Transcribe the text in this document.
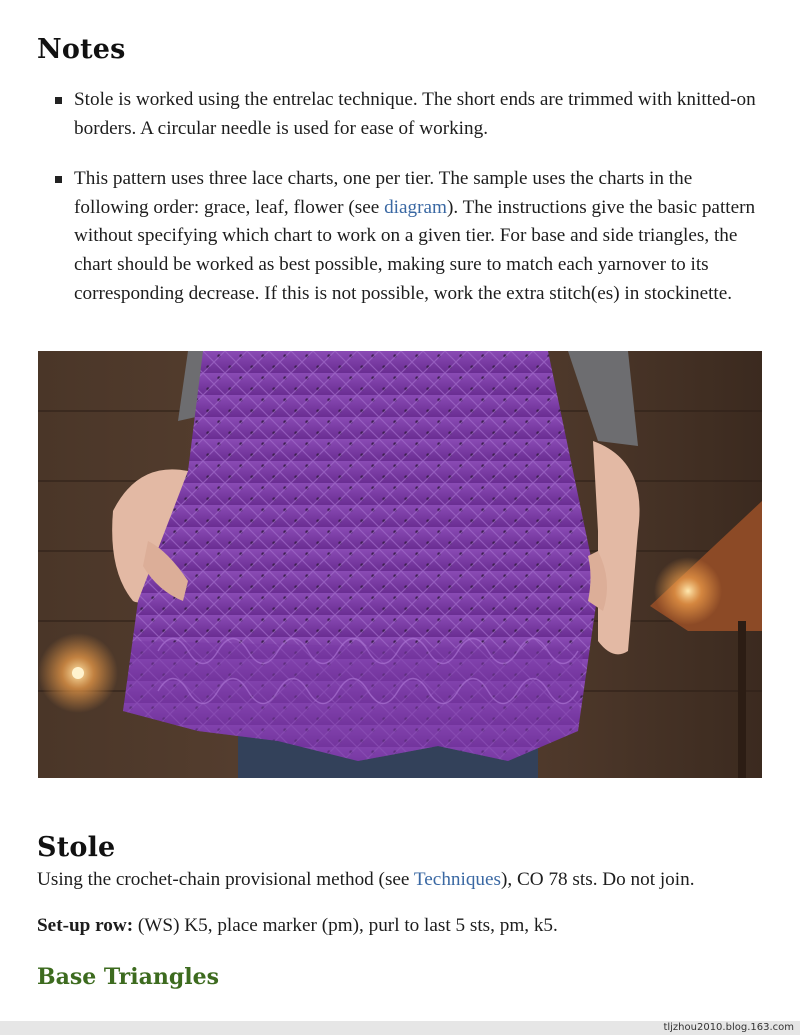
Notes
Stole is worked using the entrelac technique. The short ends are trimmed with knitted-on borders. A circular needle is used for ease of working.
This pattern uses three lace charts, one per tier. The sample uses the charts in the following order: grace, leaf, flower (see diagram). The instructions give the basic pattern without specifying which chart to work on a given tier. For base and side triangles, the chart should be worked as best possible, making sure to match each yarnover to its corresponding decrease. If this is not possible, work the extra stitch(es) in stockinette.
Stole

Using the crochet-chain provisional method (see Techniques), CO 78 sts. Do not join.

Set-up row: (WS) K5, place marker (pm), purl to last 5 sts, pm, k5.

Base Triangles
tljzhou2010.blog.163.com
